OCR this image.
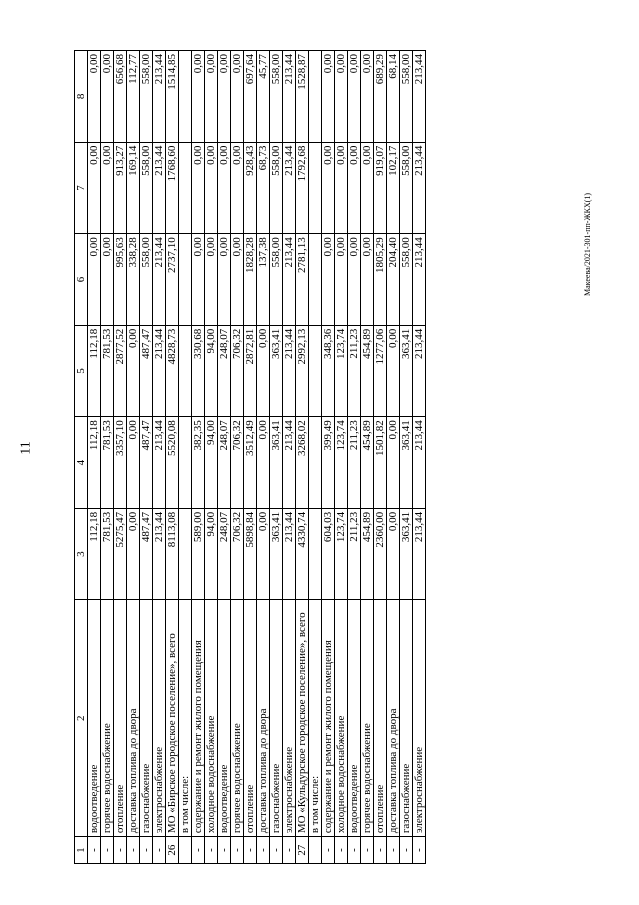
11
Макеева/2021-301-пп-ЖКХ(1)
1	2	3	4	5	6	7	8
-	водоотведение	112,18	112,18	112,18	0,00	0,00	0,00
-	горячее водоснабжение	781,53	781,53	781,53	0,00	0,00	0,00
-	отопление	5275,47	3357,10	2877,52	995,63	913,27	656,68
-	доставка топлива до двора	0,00	0,00	0,00	338,28	169,14	112,77
-	газоснабжение	487,47	487,47	487,47	558,00	558,00	558,00
-	электроснабжение	213,44	213,44	213,44	213,44	213,44	213,44
26	МО «Бирское городское поселение», всего	8113,08	5520,08	4828,73	2737,10	1768,60	1514,85
	в том числе:						
-	содержание и ремонт жилого помещения	589,00	382,35	330,68	0,00	0,00	0,00
-	холодное водоснабжение	94,00	94,00	94,00	0,00	0,00	0,00
-	водоотведение	248,07	248,07	248,07	0,00	0,00	0,00
-	горячее водоснабжение	706,32	706,32	706,32	0,00	0,00	0,00
-	отопление	5898,84	3512,49	2872,81	1828,28	928,43	697,64
-	доставка топлива до двора	0,00	0,00	0,00	137,38	68,73	45,77
-	газоснабжение	363,41	363,41	363,41	558,00	558,00	558,00
-	электроснабжение	213,44	213,44	213,44	213,44	213,44	213,44
27	МО «Кульдурское городское поселение», всего	4330,74	3268,02	2992,13	2781,13	1792,68	1528,87
	в том числе:						
-	содержание и ремонт жилого помещения	604,03	399,49	348,36	0,00	0,00	0,00
-	холодное водоснабжение	123,74	123,74	123,74	0,00	0,00	0,00
-	водоотведение	211,23	211,23	211,23	0,00	0,00	0,00
-	горячее водоснабжение	454,89	454,89	454,89	0,00	0,00	0,00
-	отопление	2360,00	1501,82	1277,06	1805,29	919,07	689,29
-	доставка топлива до двора	0,00	0,00	0,00	204,40	102,17	68,14
-	газоснабжение	363,41	363,41	363,41	558,00	558,00	558,00
-	электроснабжение	213,44	213,44	213,44	213,44	213,44	213,44
